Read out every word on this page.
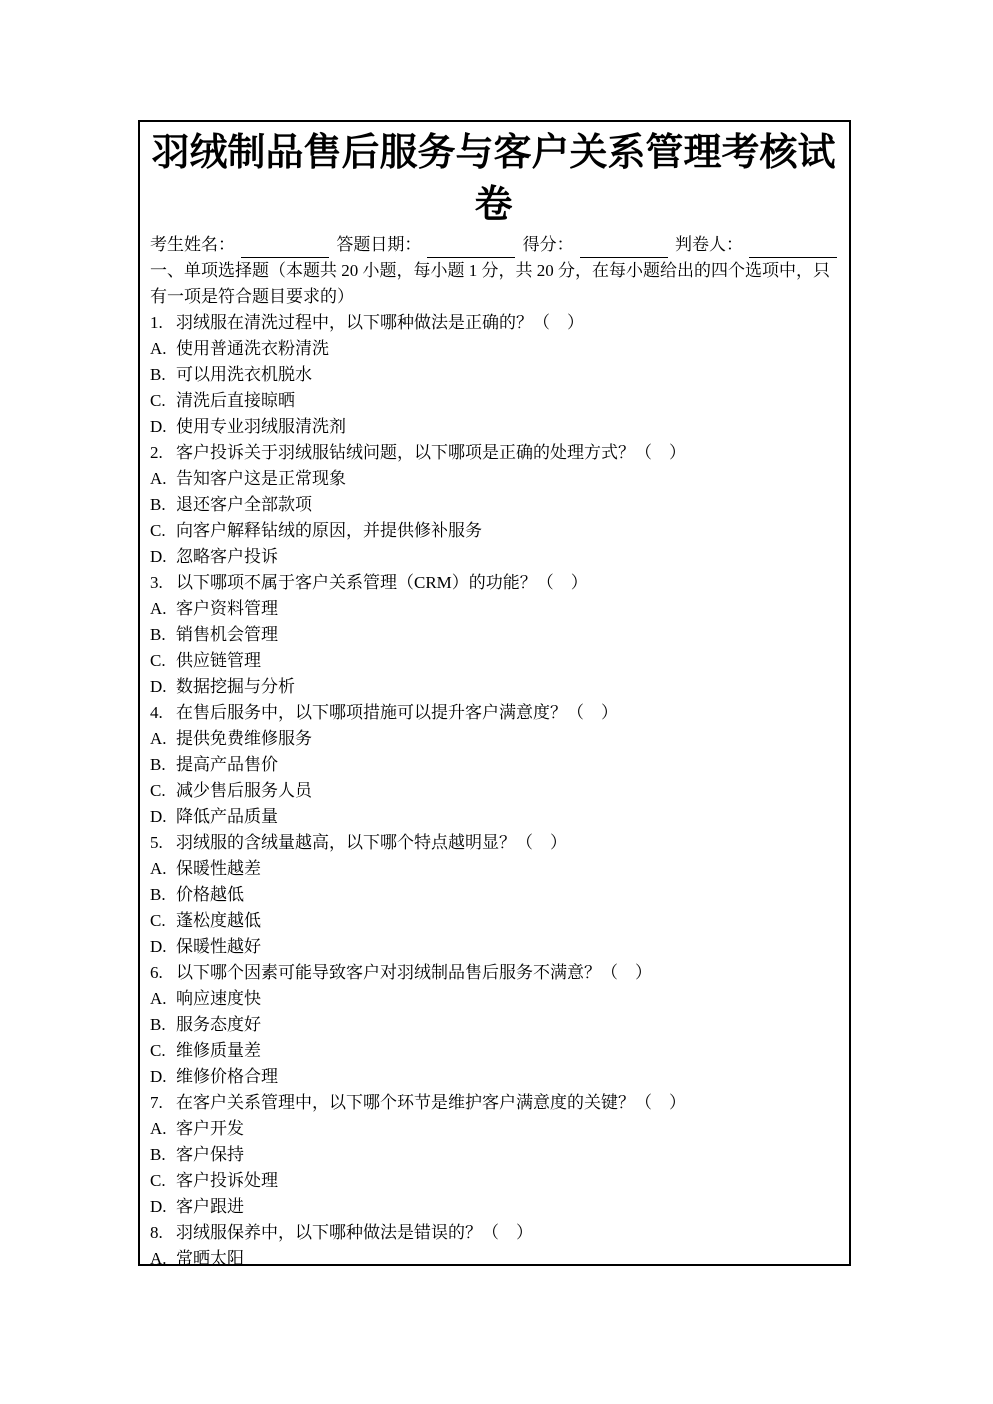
羽绒制品售后服务与客户关系管理考核试卷
考生姓名：	答题日期：	得分：	判卷人：
一、单项选择题（本题共 20 小题，每小题 1 分，共 20 分，在每小题给出的四个选项中，只有一项是符合题目要求的）
1. 羽绒服在清洗过程中，以下哪种做法是正确的？（　）
A. 使用普通洗衣粉清洗
B. 可以用洗衣机脱水
C. 清洗后直接晾晒
D. 使用专业羽绒服清洗剂
2. 客户投诉关于羽绒服钻绒问题，以下哪项是正确的处理方式？（　）
A. 告知客户这是正常现象
B. 退还客户全部款项
C. 向客户解释钻绒的原因，并提供修补服务
D. 忽略客户投诉
3. 以下哪项不属于客户关系管理（CRM）的功能？（　）
A. 客户资料管理
B. 销售机会管理
C. 供应链管理
D. 数据挖掘与分析
4. 在售后服务中，以下哪项措施可以提升客户满意度？（　）
A. 提供免费维修服务
B. 提高产品售价
C. 减少售后服务人员
D. 降低产品质量
5. 羽绒服的含绒量越高，以下哪个特点越明显？（　）
A. 保暖性越差
B. 价格越低
C. 蓬松度越低
D. 保暖性越好
6. 以下哪个因素可能导致客户对羽绒制品售后服务不满意？（　）
A. 响应速度快
B. 服务态度好
C. 维修质量差
D. 维修价格合理
7. 在客户关系管理中，以下哪个环节是维护客户满意度的关键？（　）
A. 客户开发
B. 客户保持
C. 客户投诉处理
D. 客户跟进
8. 羽绒服保养中，以下哪种做法是错误的？（　）
A. 常晒太阳
